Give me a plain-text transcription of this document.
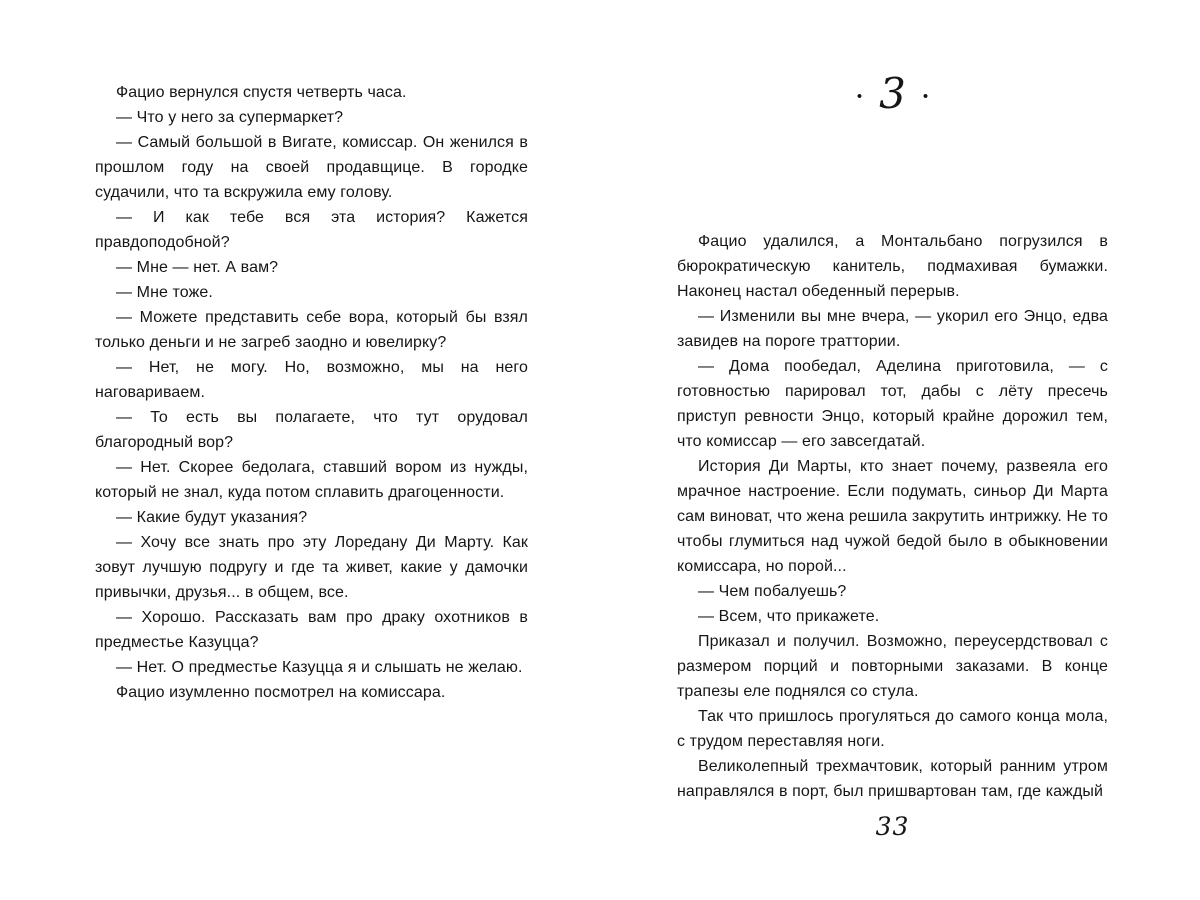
Фацио вернулся спустя четверть часа.

— Что у него за супермаркет?

— Самый большой в Вигате, комиссар. Он женился в прошлом году на своей продавщице. В городке судачили, что та вскружила ему голову.

— И как тебе вся эта история? Кажется правдоподобной?

— Мне — нет. А вам?

— Мне тоже.

— Можете представить себе вора, который бы взял только деньги и не загреб заодно и ювелирку?

— Нет, не могу. Но, возможно, мы на него наговариваем.

— То есть вы полагаете, что тут орудовал благородный вор?

— Нет. Скорее бедолага, ставший вором из нужды, который не знал, куда потом сплавить драгоценности.

— Какие будут указания?

— Хочу все знать про эту Лоредану Ди Марту. Как зовут лучшую подругу и где та живет, какие у дамочки привычки, друзья... в общем, все.

— Хорошо. Рассказать вам про драку охотников в предместье Казуцца?

— Нет. О предместье Казуцца я и слышать не желаю.

Фацио изумленно посмотрел на комиссара.

• 3 •

Фацио удалился, а Монтальбано погрузился в бюрократическую канитель, подмахивая бумажки. Наконец настал обеденный перерыв.

— Изменили вы мне вчера, — укорил его Энцо, едва завидев на пороге траттории.

— Дома пообедал, Аделина приготовила, — с готовностью парировал тот, дабы с лёту пресечь приступ ревности Энцо, который крайне дорожил тем, что комиссар — его завсегдатай.

История Ди Марты, кто знает почему, развеяла его мрачное настроение. Если подумать, синьор Ди Марта сам виноват, что жена решила закрутить интрижку. Не то чтобы глумиться над чужой бедой было в обыкновении комиссара, но порой...

— Чем побалуешь?

— Всем, что прикажете.

Приказал и получил. Возможно, переусердствовал с размером порций и повторными заказами. В конце трапезы еле поднялся со стула.

Так что пришлось прогуляться до самого конца мола, с трудом переставляя ноги.

Великолепный трехмачтовик, который ранним утром направлялся в порт, был пришвартован там, где каждый

33
